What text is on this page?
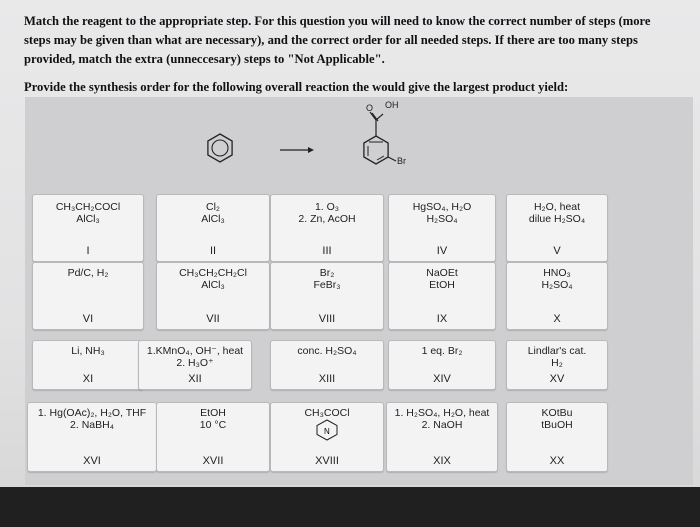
Match the reagent to the appropriate step. For this question you will need to know the correct number of steps (more

steps may be given than what are necessary), and the correct order for all needed steps. If there are too many steps

provided, match the extra (unneccesary) steps to "Not Applicable".

Provide the synthesis order for the following overall reaction the would give the largest product yield:
O OH
Br
CH₃CH₂COCl
AlCl₃
I
Cl₂
AlCl₃
II
1. O₃
2. Zn, AcOH
III
HgSO₄, H₂O
H₂SO₄
IV
H₂O, heat
dilue H₂SO₄
V
Pd/C, H₂
VI
CH₃CH₂CH₂Cl
AlCl₃
VII
Br₂
FeBr₃
VIII
NaOEt
EtOH
IX
HNO₃
H₂SO₄
X
Li, NH₃
XI
1.KMnO₄, OH⁻, heat
2. H₃O⁺
XII
conc. H₂SO₄
XIII
1 eq. Br₂
XIV
Lindlar's cat.
H₂
XV
1. Hg(OAc)₂, H₂O, THF
2. NaBH₄
XVI
EtOH
10 °C
XVII
CH₃COCl
N
XVIII
1. H₂SO₄, H₂O, heat
2. NaOH
XIX
KOtBu
tBuOH
XX
